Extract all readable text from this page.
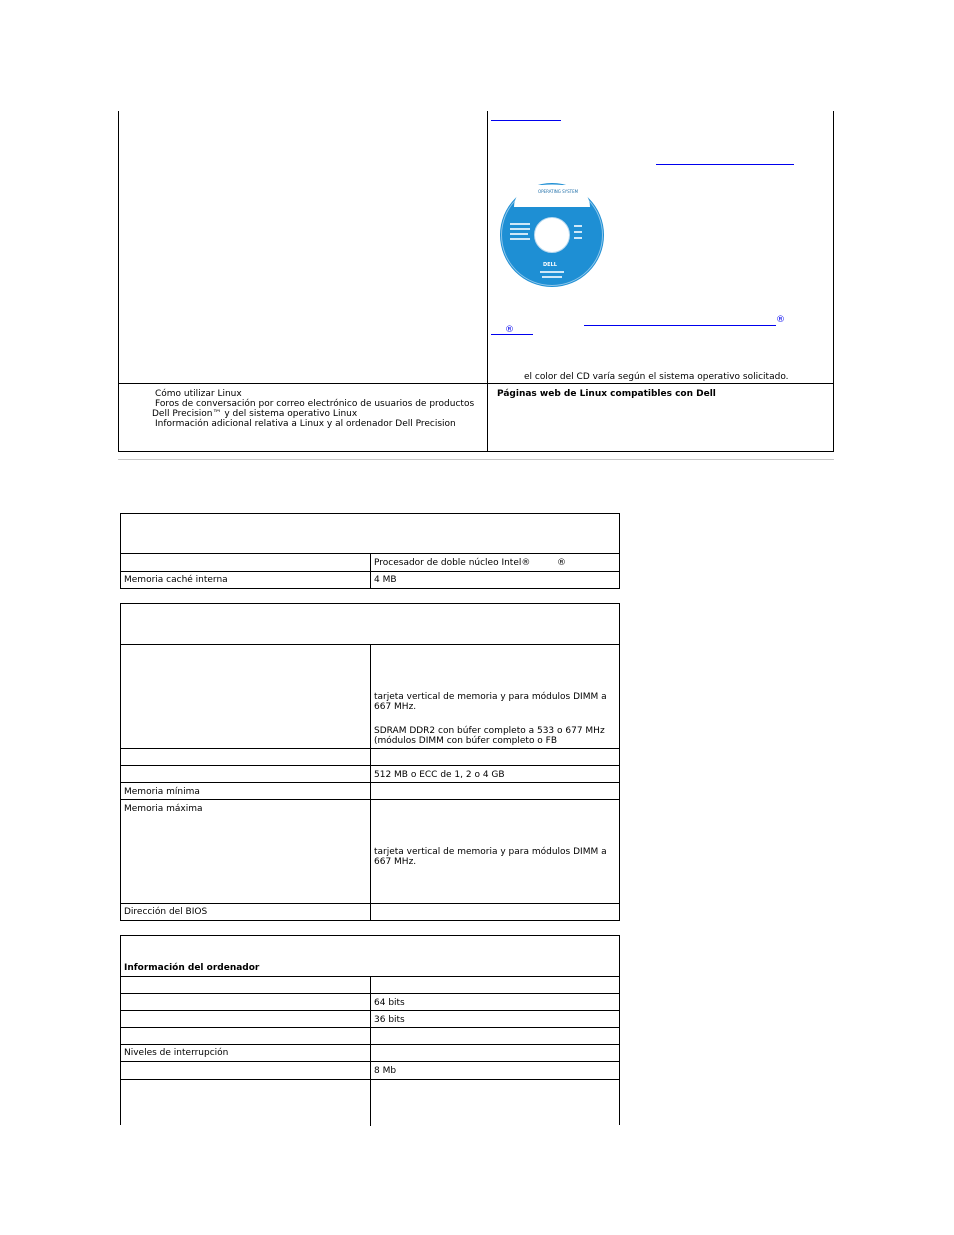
®
®
OPERATING SYSTEM
DELL
el color del CD varía según el sistema operativo solicitado.
Cómo utilizar Linux
Foros de conversación por correo electrónico de usuarios de productos
Dell Precision™ y del sistema operativo Linux
Información adicional relativa a Linux y al ordenador Dell Precision
Páginas web de Linux compatibles con Dell
Procesador de doble núcleo Intel®	®
Memoria caché interna	4 MB
tarjeta vertical de memoria y para módulos DIMM a
667 MHz.
SDRAM DDR2 con búfer completo a 533 o 677 MHz
(módulos DIMM con búfer completo o FB
512 MB o ECC de 1, 2 o 4 GB
Memoria mínima
Memoria máxima
tarjeta vertical de memoria y para módulos DIMM a
667 MHz.
Dirección del BIOS
Información del ordenador
64 bits
36 bits
Niveles de interrupción
8 Mb
